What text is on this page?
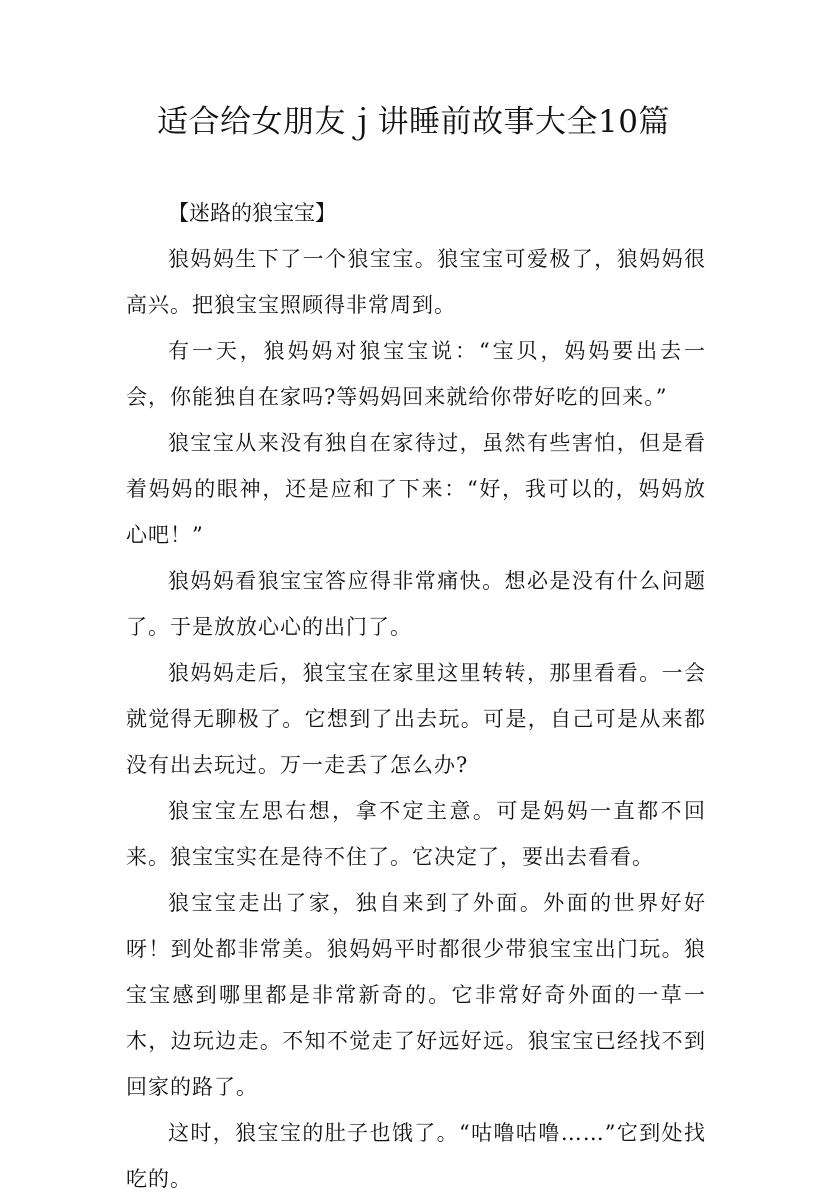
适合给女朋友ｊ讲睡前故事大全10篇
【迷路的狼宝宝】

狼妈妈生下了一个狼宝宝。狼宝宝可爱极了，狼妈妈很高兴。把狼宝宝照顾得非常周到。

有一天，狼妈妈对狼宝宝说：“宝贝，妈妈要出去一会，你能独自在家吗?等妈妈回来就给你带好吃的回来。”

狼宝宝从来没有独自在家待过，虽然有些害怕，但是看着妈妈的眼神，还是应和了下来：“好，我可以的，妈妈放心吧！”

狼妈妈看狼宝宝答应得非常痛快。想必是没有什么问题了。于是放放心心的出门了。

狼妈妈走后，狼宝宝在家里这里转转，那里看看。一会就觉得无聊极了。它想到了出去玩。可是，自己可是从来都没有出去玩过。万一走丢了怎么办?

狼宝宝左思右想，拿不定主意。可是妈妈一直都不回来。狼宝宝实在是待不住了。它决定了，要出去看看。

狼宝宝走出了家，独自来到了外面。外面的世界好好呀！到处都非常美。狼妈妈平时都很少带狼宝宝出门玩。狼宝宝感到哪里都是非常新奇的。它非常好奇外面的一草一木，边玩边走。不知不觉走了好远好远。狼宝宝已经找不到回家的路了。

这时，狼宝宝的肚子也饿了。“咕噜咕噜……”它到处找吃的。
